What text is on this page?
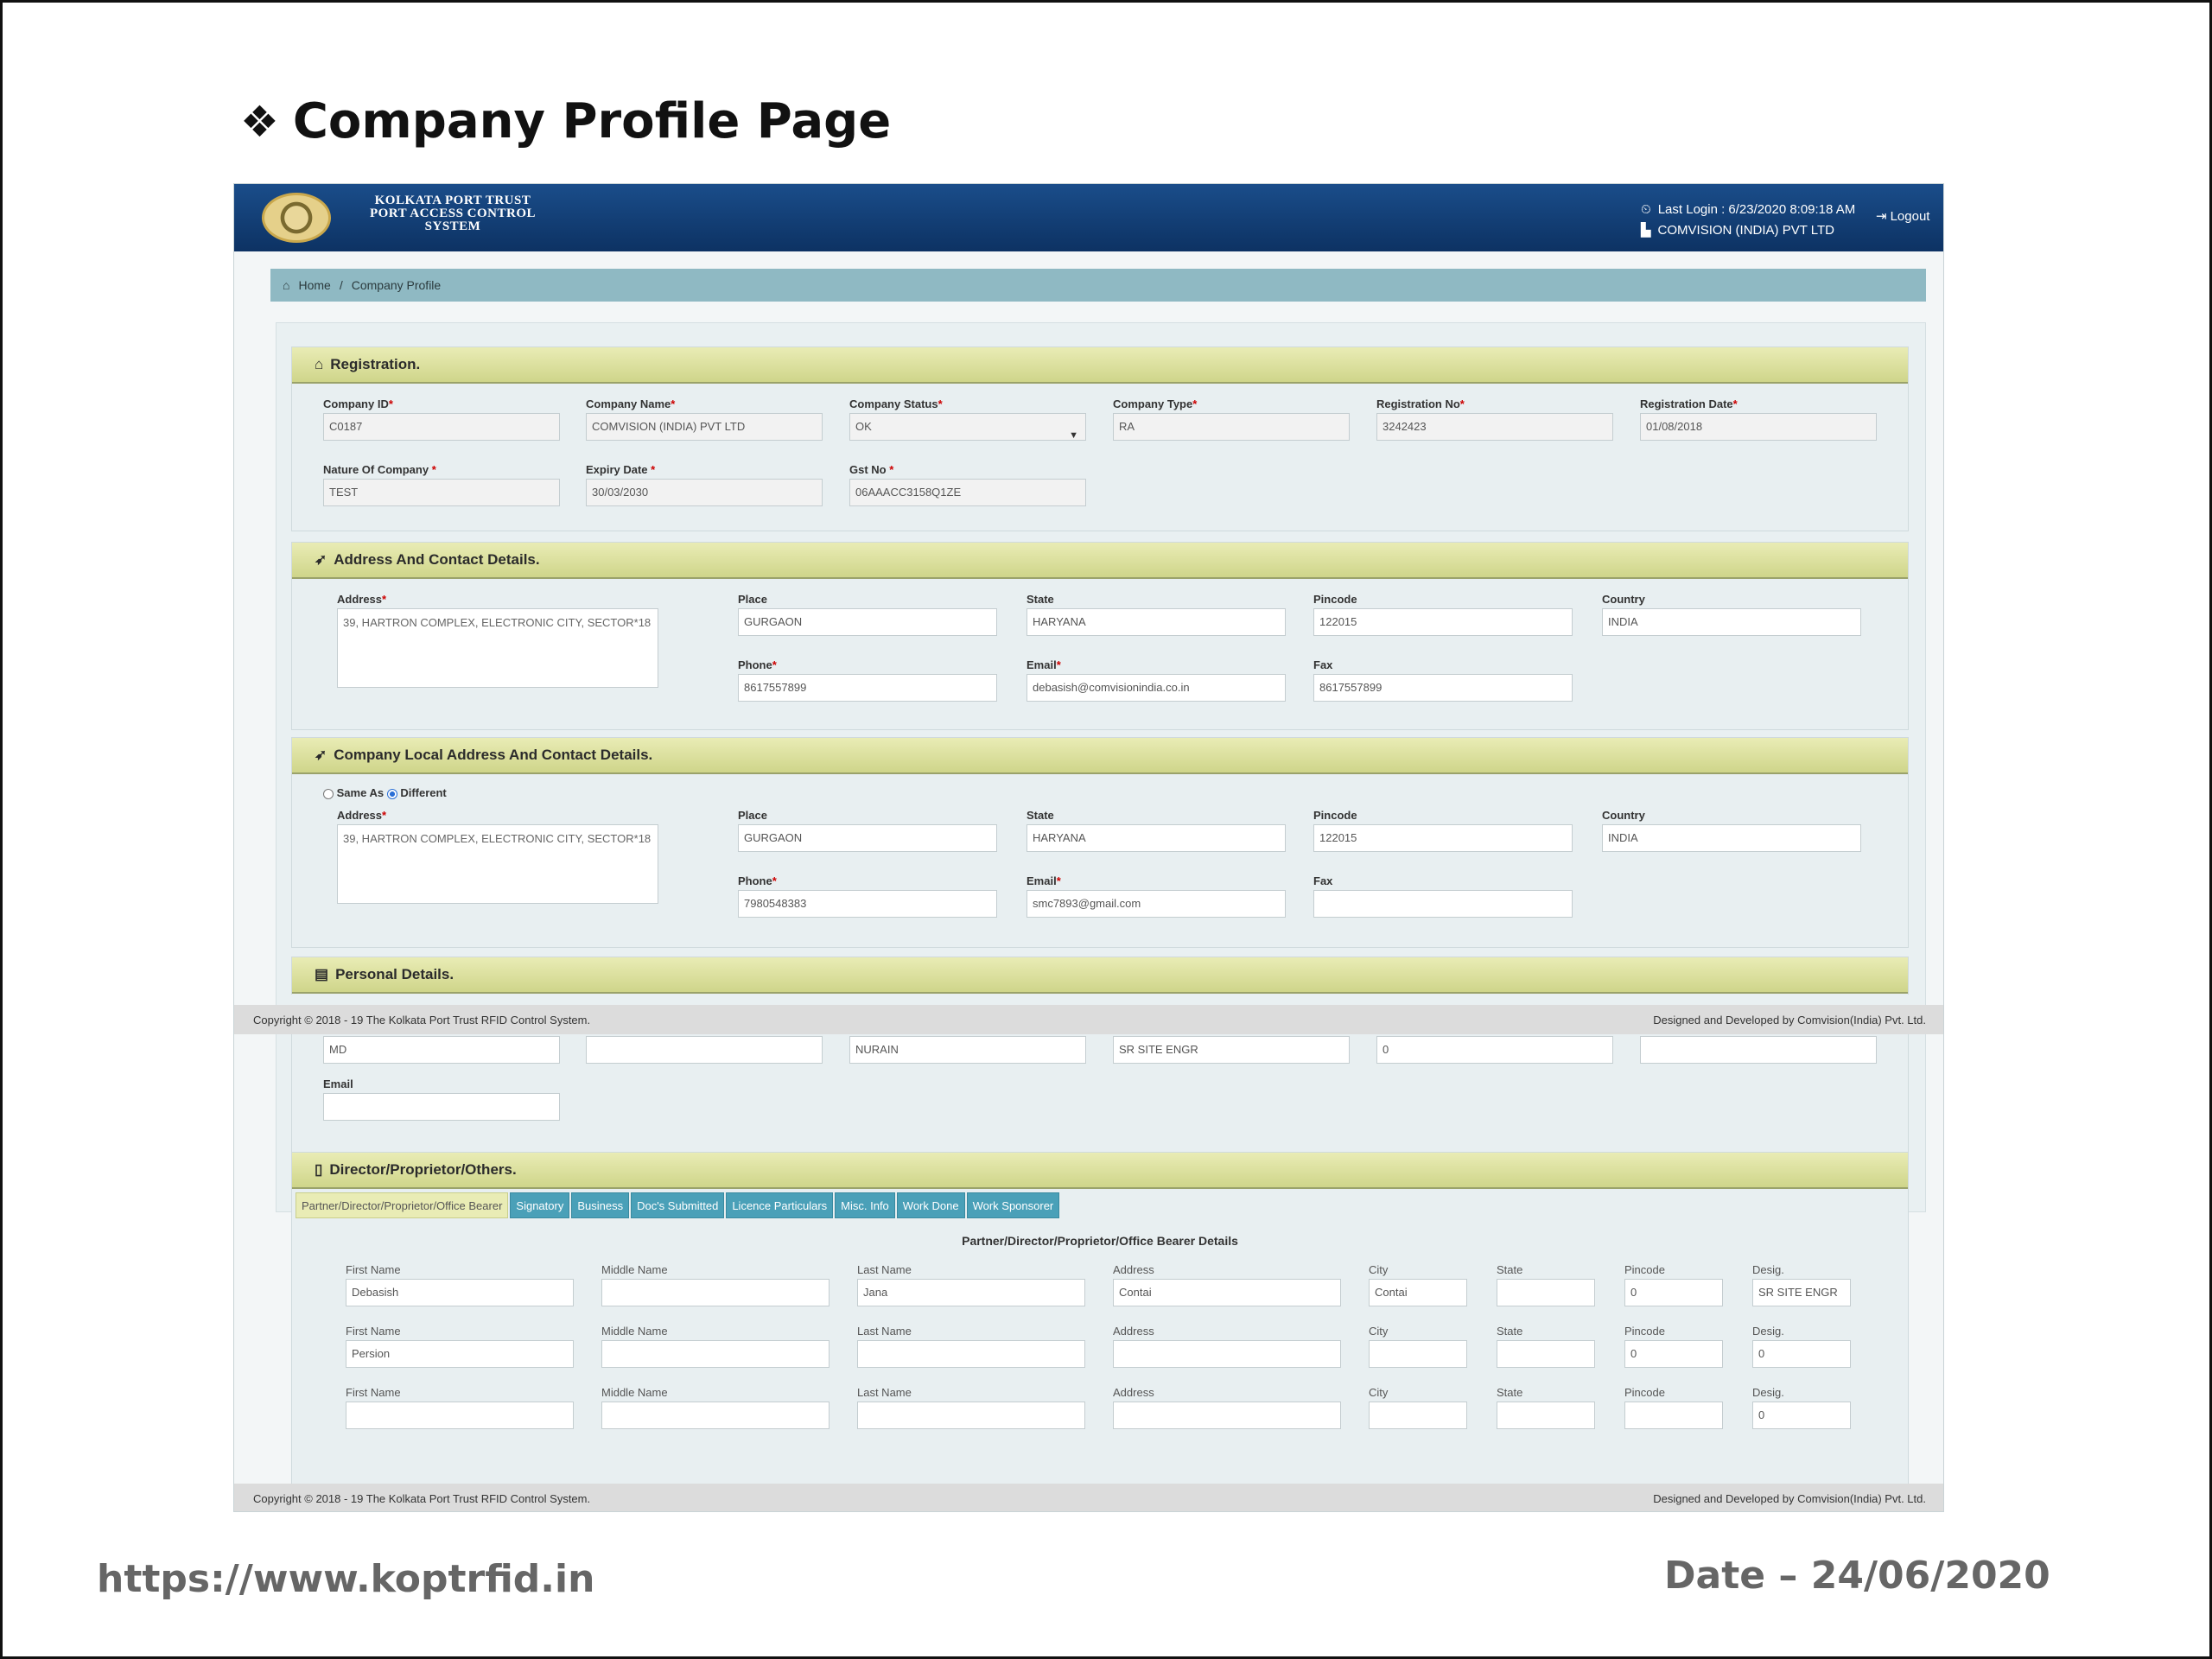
❖ Company Profile Page
KOLKATA PORT TRUST
PORT ACCESS CONTROL
SYSTEM
⏲ Last Login : 6/23/2020 8:09:18 AM
▙ COMVISION (INDIA) PVT LTD
⇥ Logout
⌂ Home / Company Profile
⌂ Registration.
Company ID*
C0187
Company Name*
COMVISION (INDIA) PVT LTD
Company Status*
OK
▼
Company Type*
RA
Registration No*
3242423
Registration Date*
01/08/2018
Nature Of Company *
TEST
Expiry Date *
30/03/2030
Gst No *
06AAACC3158Q1ZE
➶ Address And Contact Details.
Address*
39, HARTRON COMPLEX, ELECTRONIC CITY, SECTOR*18
Place
GURGAON
State
HARYANA
Pincode
122015
Country
INDIA
Phone*
8617557899
Email*
debasish@comvisionindia.co.in
Fax
8617557899
➶ Company Local Address And Contact Details.
Same As Different
Address*
39, HARTRON COMPLEX, ELECTRONIC CITY, SECTOR*18
Place
GURGAON
State
HARYANA
Pincode
122015
Country
INDIA
Phone*
7980548383
Email*
smc7893@gmail.com
Fax
▤ Personal Details.
Copyright © 2018 - 19 The Kolkata Port Trust RFID Control System.	Designed and Developed by Comvision(India) Pvt. Ltd.
MD	NURAIN	SR SITE ENGR	0
Email
▯ Director/Proprietor/Others.
Partner/Director/Proprietor/Office Bearer	Signatory	Business	Doc's Submitted	Licence Particulars	Misc. Info	Work Done	Work Sponsorer
Partner/Director/Proprietor/Office Bearer Details
First Name
Debasish
Middle Name	Last Name
Jana
Address
Contai
City
Contai
State	Pincode
0
Desig.
SR SITE ENGR
First Name
Persion
Middle Name	Last Name	Address	City	State	Pincode
0
Desig.
0
First Name	Middle Name	Last Name	Address	City	State	Pincode	Desig.
0
Copyright © 2018 - 19 The Kolkata Port Trust RFID Control System.	Designed and Developed by Comvision(India) Pvt. Ltd.
https://www.koptrfid.in	Date – 24/06/2020
